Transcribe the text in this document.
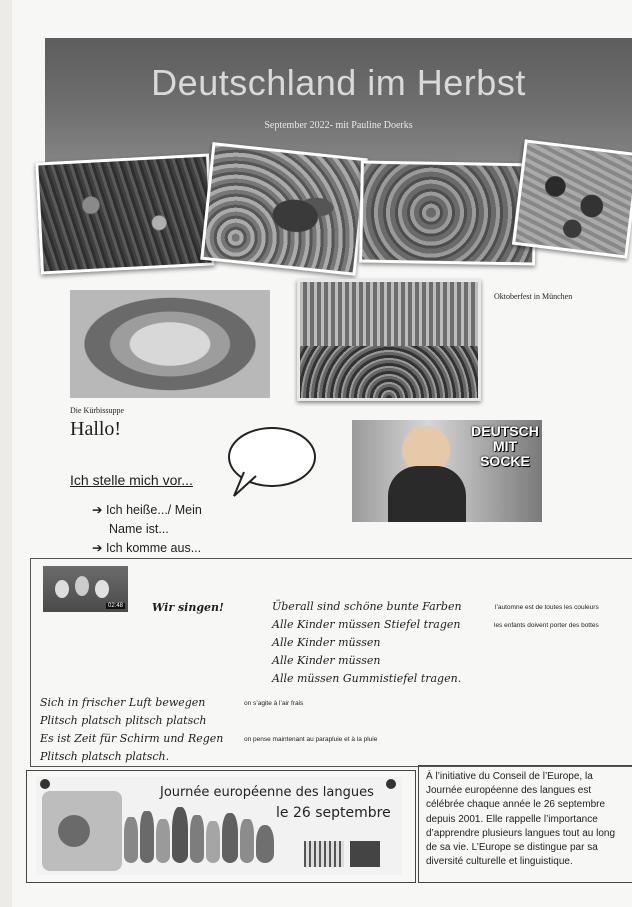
Deutschland im Herbst
September 2022- mit Pauline Doerks
Oktoberfest in München
Die Kürbissuppe
Hallo!
Ich stelle mich vor...
➔ Ich heiße.../ Mein
Name ist...
➔ Ich komme aus...
DEUTSCH
MIT
SOCKE
02:48	Wir singen!	Überall sind schöne bunte Farben
Alle Kinder müssen Stiefel tragen
Alle Kinder müssen
Alle Kinder müssen
Alle müssen Gummistiefel tragen.
l’automne est de toutes les couleurs
les enfants doivent porter des bottes
Sich in frischer Luft bewegen
Plitsch platsch plitsch platsch
Es ist Zeit für Schirm und Regen
Plitsch platsch platsch.
on s’agite à l’air frais
on pense maintenant au parapluie et à la pluie
Journée européenne des langues
le 26 septembre
À l’initiative du Conseil de l’Europe, la
Journée européenne des langues est
célébrée chaque année le 26 septembre
depuis 2001. Elle rappelle l’importance
d’apprendre plusieurs langues tout au long
de sa vie. L’Europe se distingue par sa
diversité culturelle et linguistique.
